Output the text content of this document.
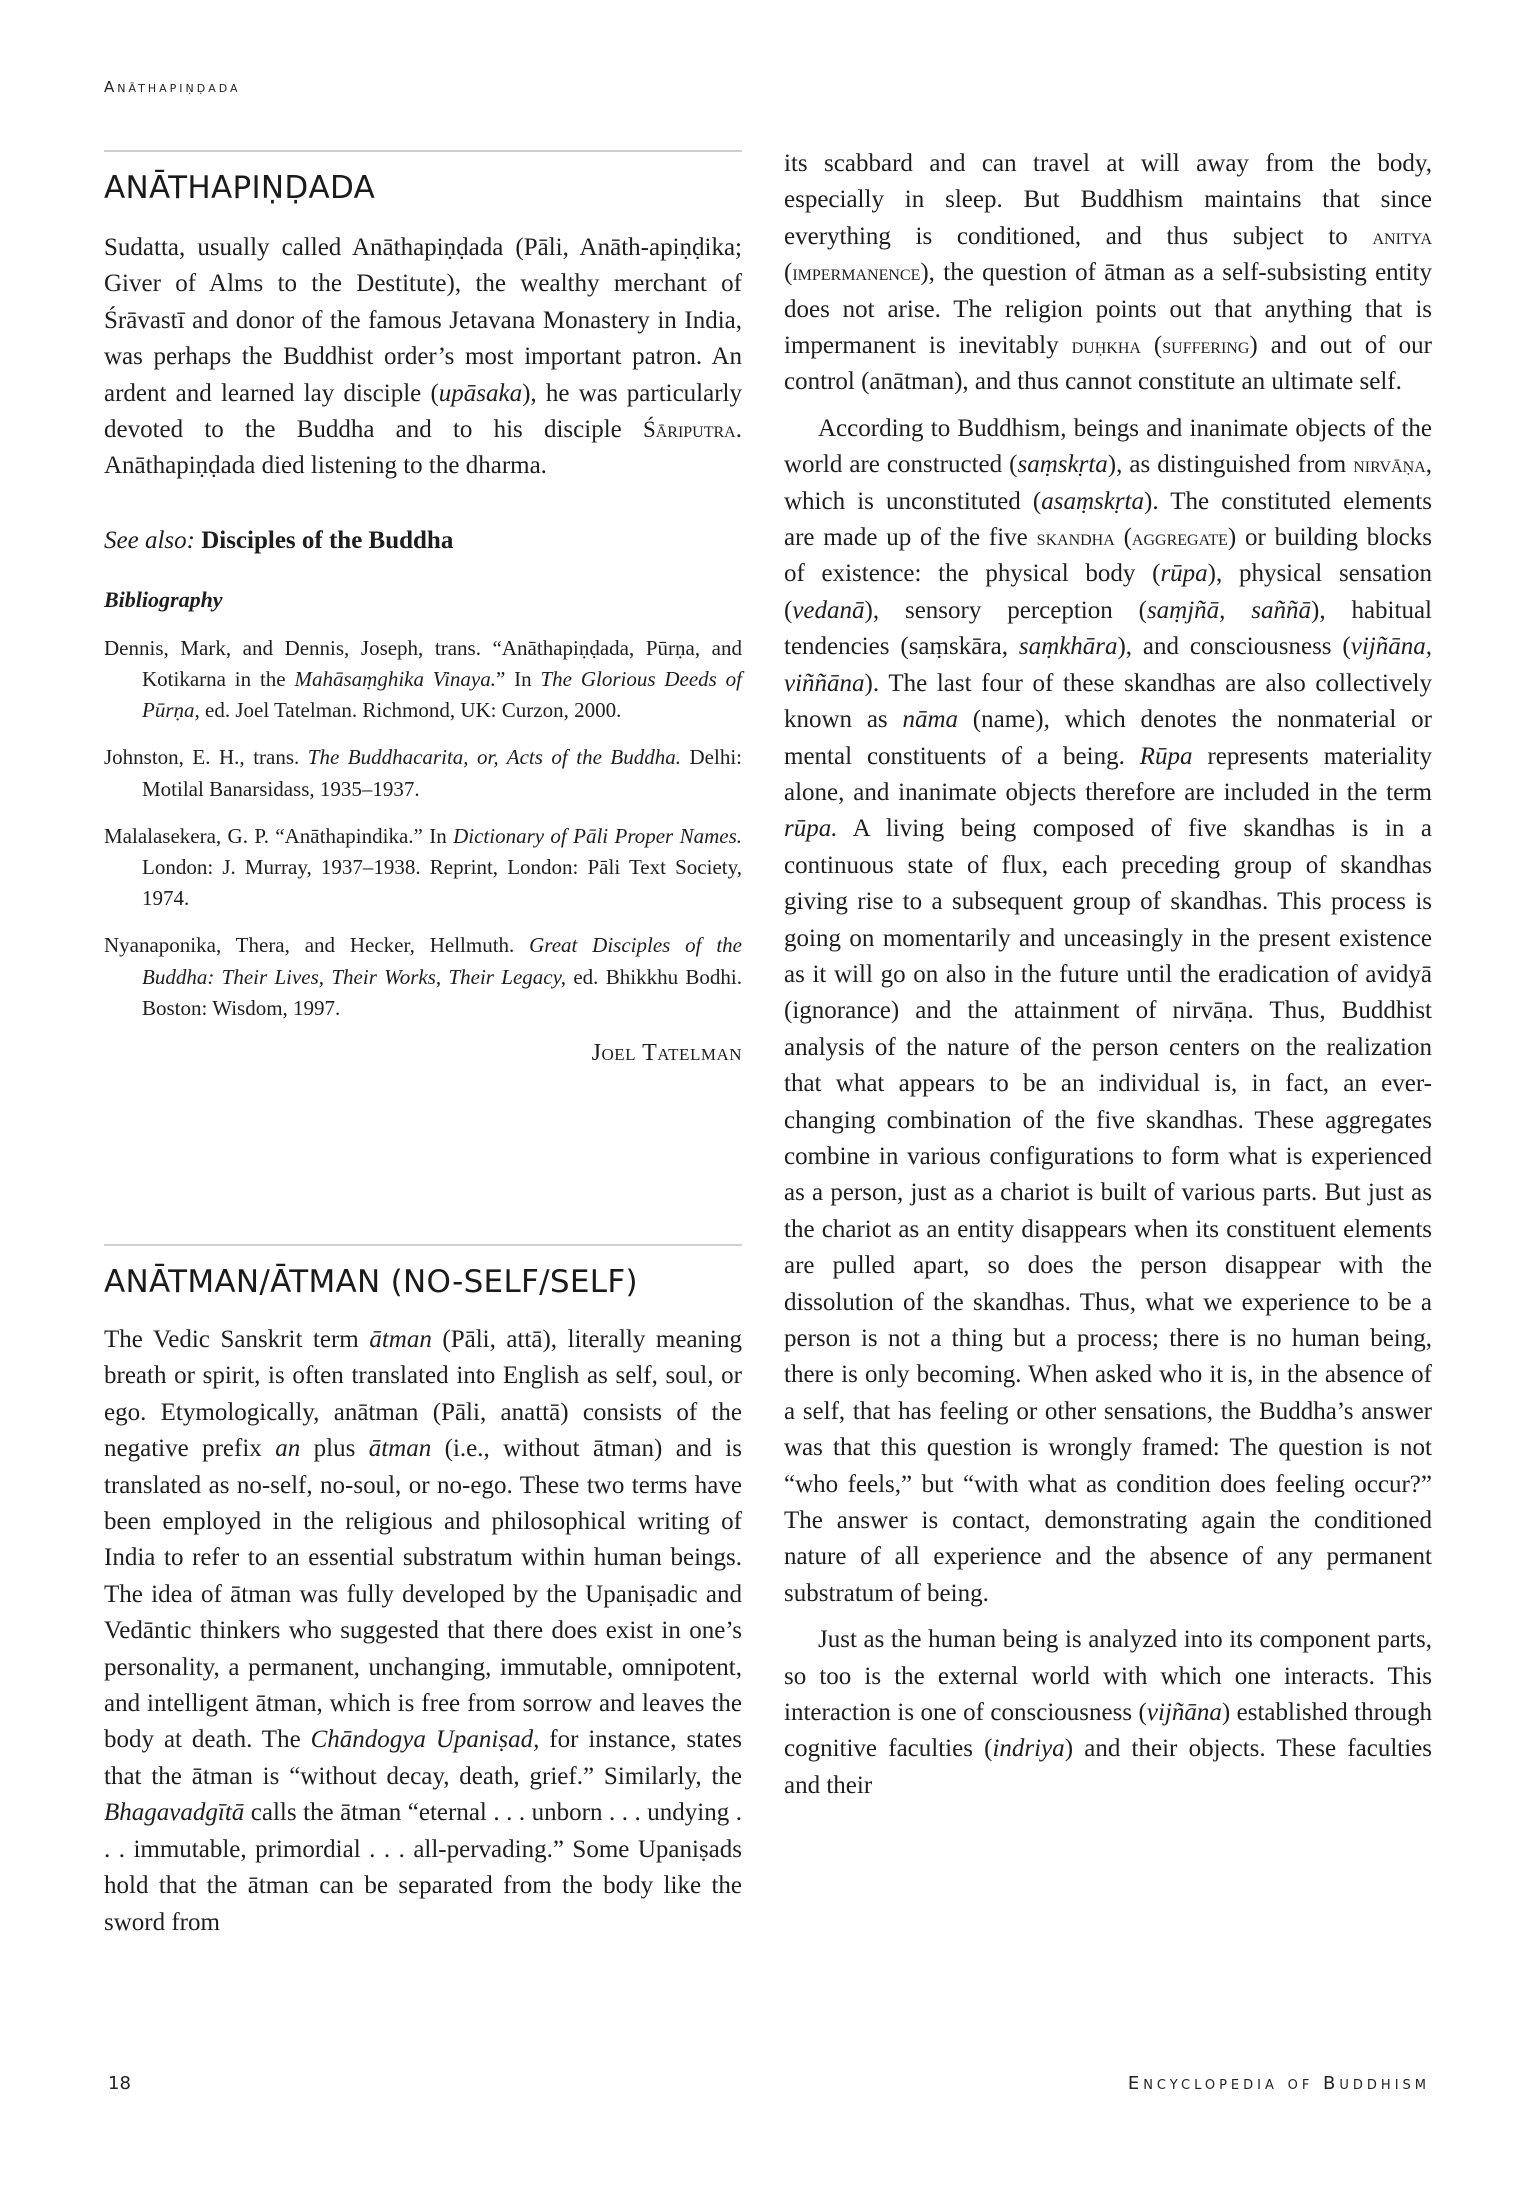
Anāthapiṇḍada
ANĀTHAPIṆḌADA

Sudatta, usually called Anāthapiṇḍada (Pāli, Anāth-apiṇḍika; Giver of Alms to the Destitute), the wealthy merchant of Śrāvastī and donor of the famous Jetavana Monastery in India, was perhaps the Buddhist order’s most important patron. An ardent and learned lay disciple (upāsaka), he was particularly devoted to the Buddha and to his disciple Śāriputra. Anāthapiṇḍada died listening to the dharma.

See also: Disciples of the Buddha

Bibliography

Dennis, Mark, and Dennis, Joseph, trans. “Anāthapiṇḍada, Pūrṇa, and Kotikarna in the Mahāsaṃghika Vinaya.” In The Glorious Deeds of Pūrṇa, ed. Joel Tatelman. Richmond, UK: Curzon, 2000.

Johnston, E. H., trans. The Buddhacarita, or, Acts of the Buddha. Delhi: Motilal Banarsidass, 1935–1937.

Malalasekera, G. P. “Anāthapindika.” In Dictionary of Pāli Proper Names. London: J. Murray, 1937–1938. Reprint, London: Pāli Text Society, 1974.

Nyanaponika, Thera, and Hecker, Hellmuth. Great Disciples of the Buddha: Their Lives, Their Works, Their Legacy, ed. Bhikkhu Bodhi. Boston: Wisdom, 1997.

Joel Tatelman

ANĀTMAN/ĀTMAN (NO-SELF/SELF)

The Vedic Sanskrit term ātman (Pāli, attā), literally meaning breath or spirit, is often translated into English as self, soul, or ego. Etymologically, anātman (Pāli, anattā) consists of the negative prefix an plus ātman (i.e., without ātman) and is translated as no-self, no-soul, or no-ego. These two terms have been employed in the religious and philosophical writing of India to refer to an essential substratum within human beings. The idea of ātman was fully developed by the Upaniṣadic and Vedāntic thinkers who suggested that there does exist in one’s personality, a permanent, unchanging, immutable, omnipotent, and intelligent ātman, which is free from sorrow and leaves the body at death. The Chāndogya Upaniṣad, for instance, states that the ātman is “without decay, death, grief.” Similarly, the Bhagavadgītā calls the ātman “eternal . . . unborn . . . undying . . . immutable, primordial . . . all-pervading.” Some Upaniṣads hold that the ātman can be separated from the body like the sword from

its scabbard and can travel at will away from the body, especially in sleep. But Buddhism maintains that since everything is conditioned, and thus subject to anitya (impermanence), the question of ātman as a self-subsisting entity does not arise. The religion points out that anything that is impermanent is inevitably duḥkha (suffering) and out of our control (anātman), and thus cannot constitute an ultimate self.

According to Buddhism, beings and inanimate objects of the world are constructed (saṃskṛta), as distinguished from nirvāṇa, which is unconstituted (asaṃskṛta). The constituted elements are made up of the five skandha (aggregate) or building blocks of existence: the physical body (rūpa), physical sensation (vedanā), sensory perception (saṃjñā, saññā), habitual tendencies (saṃskāra, saṃkhāra), and consciousness (vijñāna, viññāna). The last four of these skandhas are also collectively known as nāma (name), which denotes the nonmaterial or mental constituents of a being. Rūpa represents materiality alone, and inanimate objects therefore are included in the term rūpa. A living being composed of five skandhas is in a continuous state of flux, each preceding group of skandhas giving rise to a subsequent group of skandhas. This process is going on momentarily and unceasingly in the present existence as it will go on also in the future until the eradication of avidyā (ignorance) and the attainment of nirvāṇa. Thus, Buddhist analysis of the nature of the person centers on the realization that what appears to be an individual is, in fact, an ever-changing combination of the five skandhas. These aggregates combine in various configurations to form what is experienced as a person, just as a chariot is built of various parts. But just as the chariot as an entity disappears when its constituent elements are pulled apart, so does the person disappear with the dissolution of the skandhas. Thus, what we experience to be a person is not a thing but a process; there is no human being, there is only becoming. When asked who it is, in the absence of a self, that has feeling or other sensations, the Buddha’s answer was that this question is wrongly framed: The question is not “who feels,” but “with what as condition does feeling occur?” The answer is contact, demonstrating again the conditioned nature of all experience and the absence of any permanent substratum of being.

Just as the human being is analyzed into its component parts, so too is the external world with which one interacts. This interaction is one of consciousness (vijñāna) established through cognitive faculties (indriya) and their objects. These faculties and their

18	Encyclopedia of Buddhism
